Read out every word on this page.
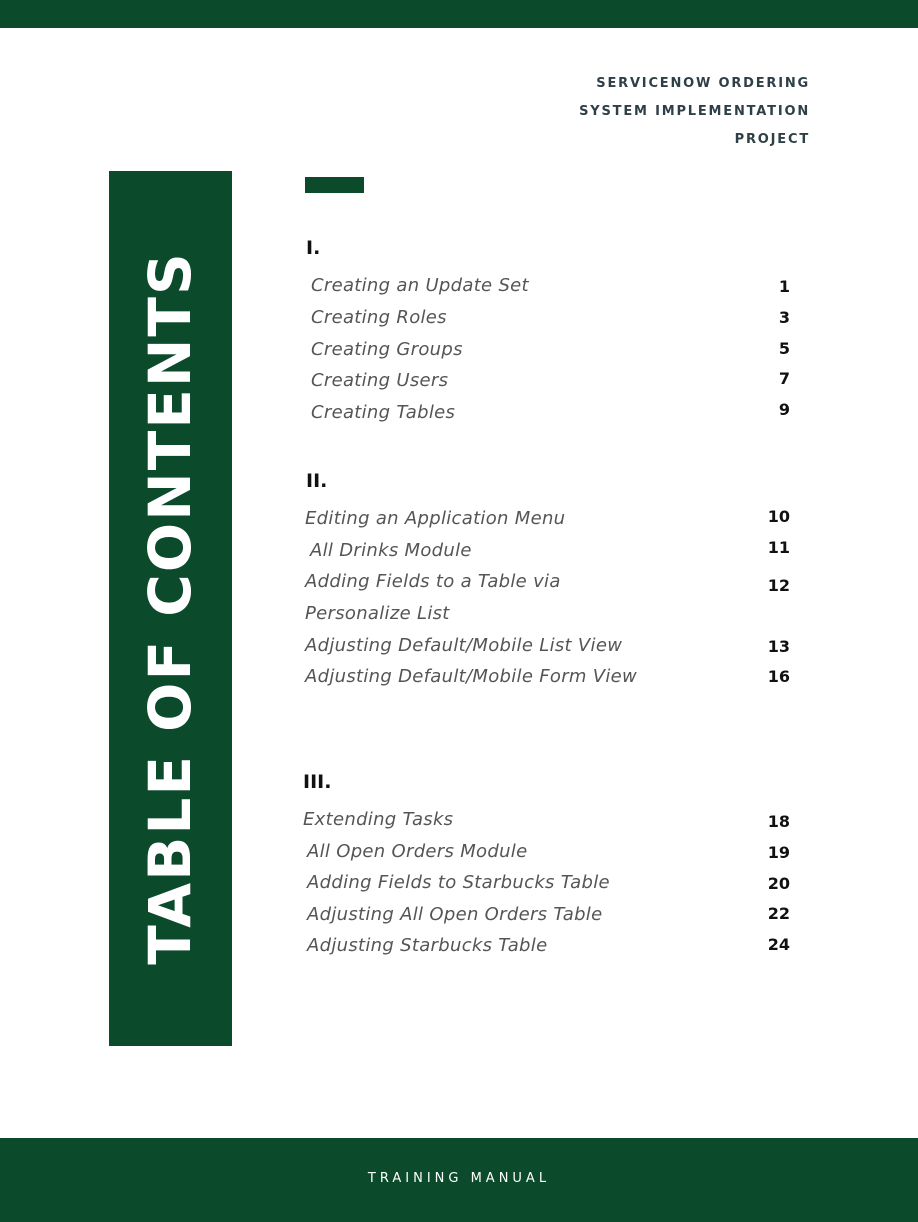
SERVICENOW ORDERING
SYSTEM IMPLEMENTATION
PROJECT
TABLE OF CONTENTS
I.
Creating an Update Set	1
Creating Roles	3
Creating Groups	5
Creating Users	7
Creating Tables	9
II.
Editing an Application Menu	10
All Drinks Module	11
Adding Fields to a Table via	12
Personalize List
Adjusting Default/Mobile List View	13
Adjusting Default/Mobile Form View	16
III.
Extending Tasks	18
All Open Orders Module	19
Adding Fields to Starbucks Table	20
Adjusting All Open Orders Table	22
Adjusting Starbucks Table	24
TRAINING MANUAL
